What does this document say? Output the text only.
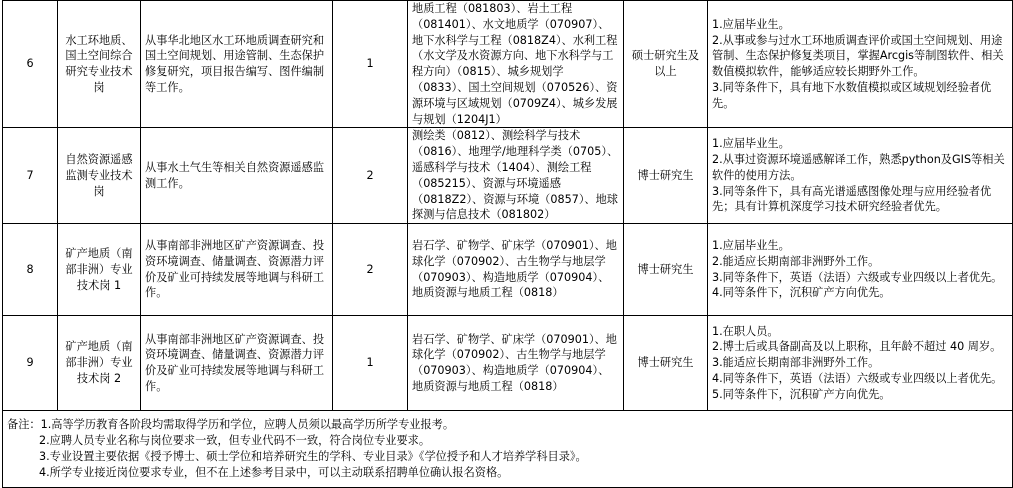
6	水工环地质、国土空间综合研究专业技术岗	从事华北地区水工环地质调查研究和国土空间规划、用途管制、生态保护修复研究，项目报告编写、图件编制等工作。	1	地质工程（081803）、岩土工程（081401）、水文地质学（070907）、地下水科学与工程（0818Z4）、水利工程（水文学及水资源方向、地下水科学与工程方向）（0815）、城乡规划学（0833）、国土空间规划（070526）、资源环境与区域规划（0709Z4）、城乡发展与规划（1204J1）	硕士研究生及以上	1.应届毕业生。
2.从事或参与过水工环地质调查评价或国土空间规划、用途管制、生态保护修复类项目，掌握Arcgis等制图软件、相关数值模拟软件，能够适应较长期野外工作。
3.同等条件下，具有地下水数值模拟或区域规划经验者优先。

7	自然资源遥感监测专业技术岗	从事水土气生等相关自然资源遥感监测工作。	2	测绘类（0812）、测绘科学与技术（0816）、地理学/地理科学类（0705）、遥感科学与技术（1404）、测绘工程（085215）、资源与环境遥感（0818Z2）、资源与环境（0857）、地球探测与信息技术（081802）	博士研究生	1.应届毕业生。
2.从事过资源环境遥感解译工作，熟悉python及GIS等相关软件的使用方法。
3.同等条件下，具有高光谱遥感图像处理与应用经验者优先；具有计算机深度学习技术研究经验者优先。

8	矿产地质（南部非洲）专业技术岗 1	从事南部非洲地区矿产资源调查、投资环境调查、储量调查、资源潜力评价及矿业可持续发展等地调与科研工作。	2	岩石学、矿物学、矿床学（070901）、地球化学（070902）、古生物学与地层学（070903）、构造地质学（070904）、地质资源与地质工程（0818）	博士研究生	1.应届毕业生。
2.能适应长期南部非洲野外工作。
3.同等条件下，英语（法语）六级或专业四级以上者优先。
4.同等条件下，沉积矿产方向优先。

9	矿产地质（南部非洲）专业技术岗 2	从事南部非洲地区矿产资源调查、投资环境调查、储量调查、资源潜力评价及矿业可持续发展等地调与科研工作。	1	岩石学、矿物学、矿床学（070901）、地球化学（070902）、古生物学与地层学（070903）、构造地质学（070904）、地质资源与地质工程（0818）	博士研究生	1.在职人员。
2.博士后或具备副高及以上职称，且年龄不超过 40 周岁。
3.能适应长期南部非洲野外工作。
4.同等条件下，英语（法语）六级或专业四级以上者优先。
5.同等条件下，沉积矿产方向优先。

备注：1.高等学历教育各阶段均需取得学历和学位，应聘人员须以最高学历所学专业报考。
2.应聘人员专业名称与岗位要求一致，但专业代码不一致，符合岗位专业要求。
3.专业设置主要依据《授予博士、硕士学位和培养研究生的学科、专业目录》《学位授予和人才培养学科目录》。
4.所学专业接近岗位要求专业，但不在上述参考目录中，可以主动联系招聘单位确认报名资格。						
